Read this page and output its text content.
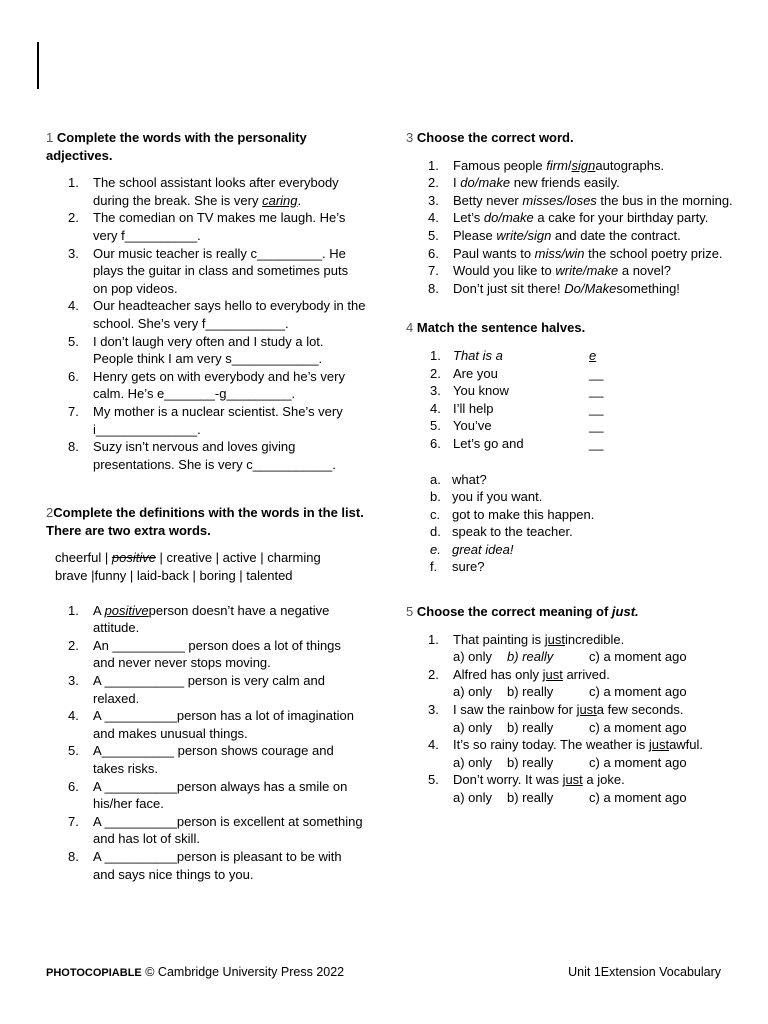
1 Complete the words with the personality adjectives.

1. The school assistant looks after everybody during the break. She is very caring.
2. The comedian on TV makes me laugh. He’s very f__________.
3. Our music teacher is really c_________. He plays the guitar in class and sometimes puts on pop videos.
4. Our headteacher says hello to everybody in the school. She’s very f___________.
5. I don’t laugh very often and I study a lot. People think I am very s____________.
6. Henry gets on with everybody and he’s very calm. He’s e_______-g_________.
7. My mother is a nuclear scientist. She’s very i______________.
8. Suzy isn’t nervous and loves giving presentations. She is very c___________.

2Complete the definitions with the words in the list. There are two extra words.

cheerful | positive | creative | active | charming
brave |funny | laid-back | boring | talented
1. A positiveperson doesn’t have a negative attitude.
2. An __________ person does a lot of things and never never stops moving.
3. A ___________ person is very calm and relaxed.
4. A __________person has a lot of imagination and makes unusual things.
5. A__________ person shows courage and takes risks.
6. A __________person always has a smile on his/her face.
7. A __________person is excellent at something and has lot of skill.
8. A __________person is pleasant to be with and says nice things to you.

3 Choose the correct word.

1. Famous people firm/signautographs.
2. I do/make new friends easily.
3. Betty never misses/loses the bus in the morning.
4. Let’s do/make a cake for your birthday party.
5. Please write/sign and date the contract.
6. Paul wants to miss/win the school poetry prize.
7. Would you like to write/make a novel?
8. Don’t just sit there! Do/Makesomething!

4 Match the sentence halves.

1. That is a	e
2. Are you	__
3. You know	__
4. I’ll help	__
5. You’ve	__
6. Let’s go and	__
a. what?
b. you if you want.
c. got to make this happen.
d. speak to the teacher.
e. great idea!
f. sure?

5 Choose the correct meaning of just.

1. That painting is justincredible.
a) only	b) really	c) a moment ago
2. Alfred has only just arrived.
a) only	b) really	c) a moment ago
3. I saw the rainbow for justa few seconds.
a) only	b) really	c) a moment ago
4. It’s so rainy today. The weather is justawful.
a) only	b) really	c) a moment ago
5. Don’t worry. It was just a joke.
a) only	b) really	c) a moment ago
PHOTOCOPIABLE © Cambridge University Press 2022	Unit 1Extension Vocabulary
